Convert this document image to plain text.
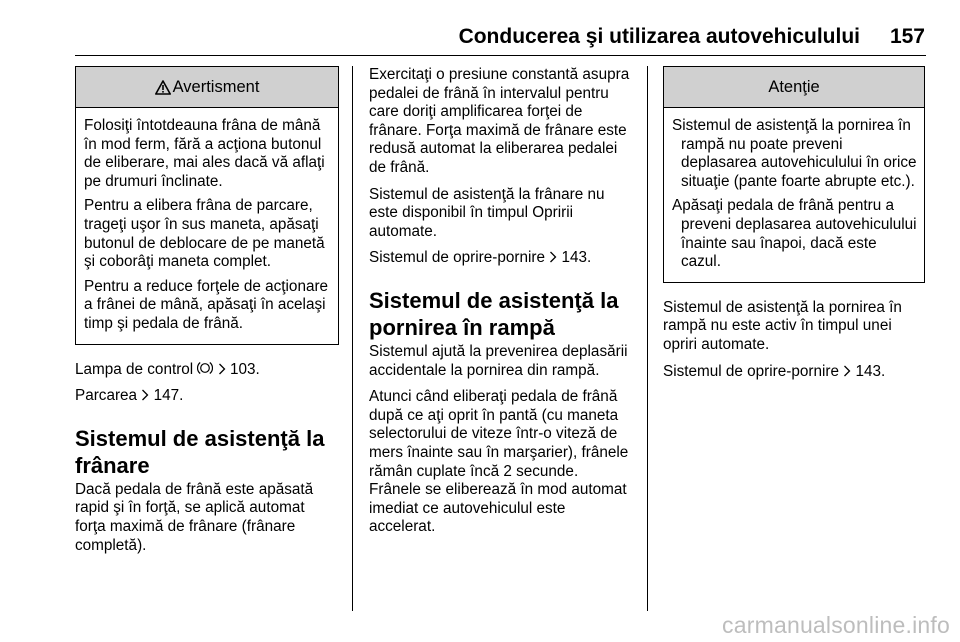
Conducerea şi utilizarea autovehiculului	157
Avertisment

Folosiţi întotdeauna frâna de mână în mod ferm, fără a acţiona butonul de eliberare, mai ales dacă vă aflaţi pe drumuri înclinate.

Pentru a elibera frâna de parcare, trageţi uşor în sus maneta, apăsaţi butonul de deblocare de pe manetă şi coborâţi maneta complet.

Pentru a reduce forţele de acţionare a frânei de mână, apăsaţi în acelaşi timp şi pedala de frână.

Lampa de control 103.

Parcarea 147.

Sistemul de asistenţă la frânare

Dacă pedala de frână este apăsată rapid şi în forţă, se aplică automat forţa maximă de frânare (frânare completă).

Exercitaţi o presiune constantă asupra pedalei de frână în intervalul pentru care doriţi amplificarea forţei de frânare. Forţa maximă de frânare este redusă automat la eliberarea pedalei de frână.

Sistemul de asistenţă la frânare nu este disponibil în timpul Opririi automate.

Sistemul de oprire-pornire 143.

Sistemul de asistenţă la pornirea în rampă

Sistemul ajută la prevenirea deplasării accidentale la pornirea din rampă.

Atunci când eliberaţi pedala de frână după ce aţi oprit în pantă (cu maneta selectorului de viteze într-o viteză de mers înainte sau în marşarier), frânele rămân cuplate încă 2 secunde. Frânele se eliberează în mod automat imediat ce autovehiculul este accelerat.

Atenţie

Sistemul de asistenţă la pornirea în rampă nu poate preveni deplasarea autovehiculului în orice situaţie (pante foarte abrupte etc.).

Apăsaţi pedala de frână pentru a preveni deplasarea autovehiculului înainte sau înapoi, dacă este cazul.

Sistemul de asistenţă la pornirea în rampă nu este activ în timpul unei opriri automate.

Sistemul de oprire-pornire 143.

carmanualsonline.info
